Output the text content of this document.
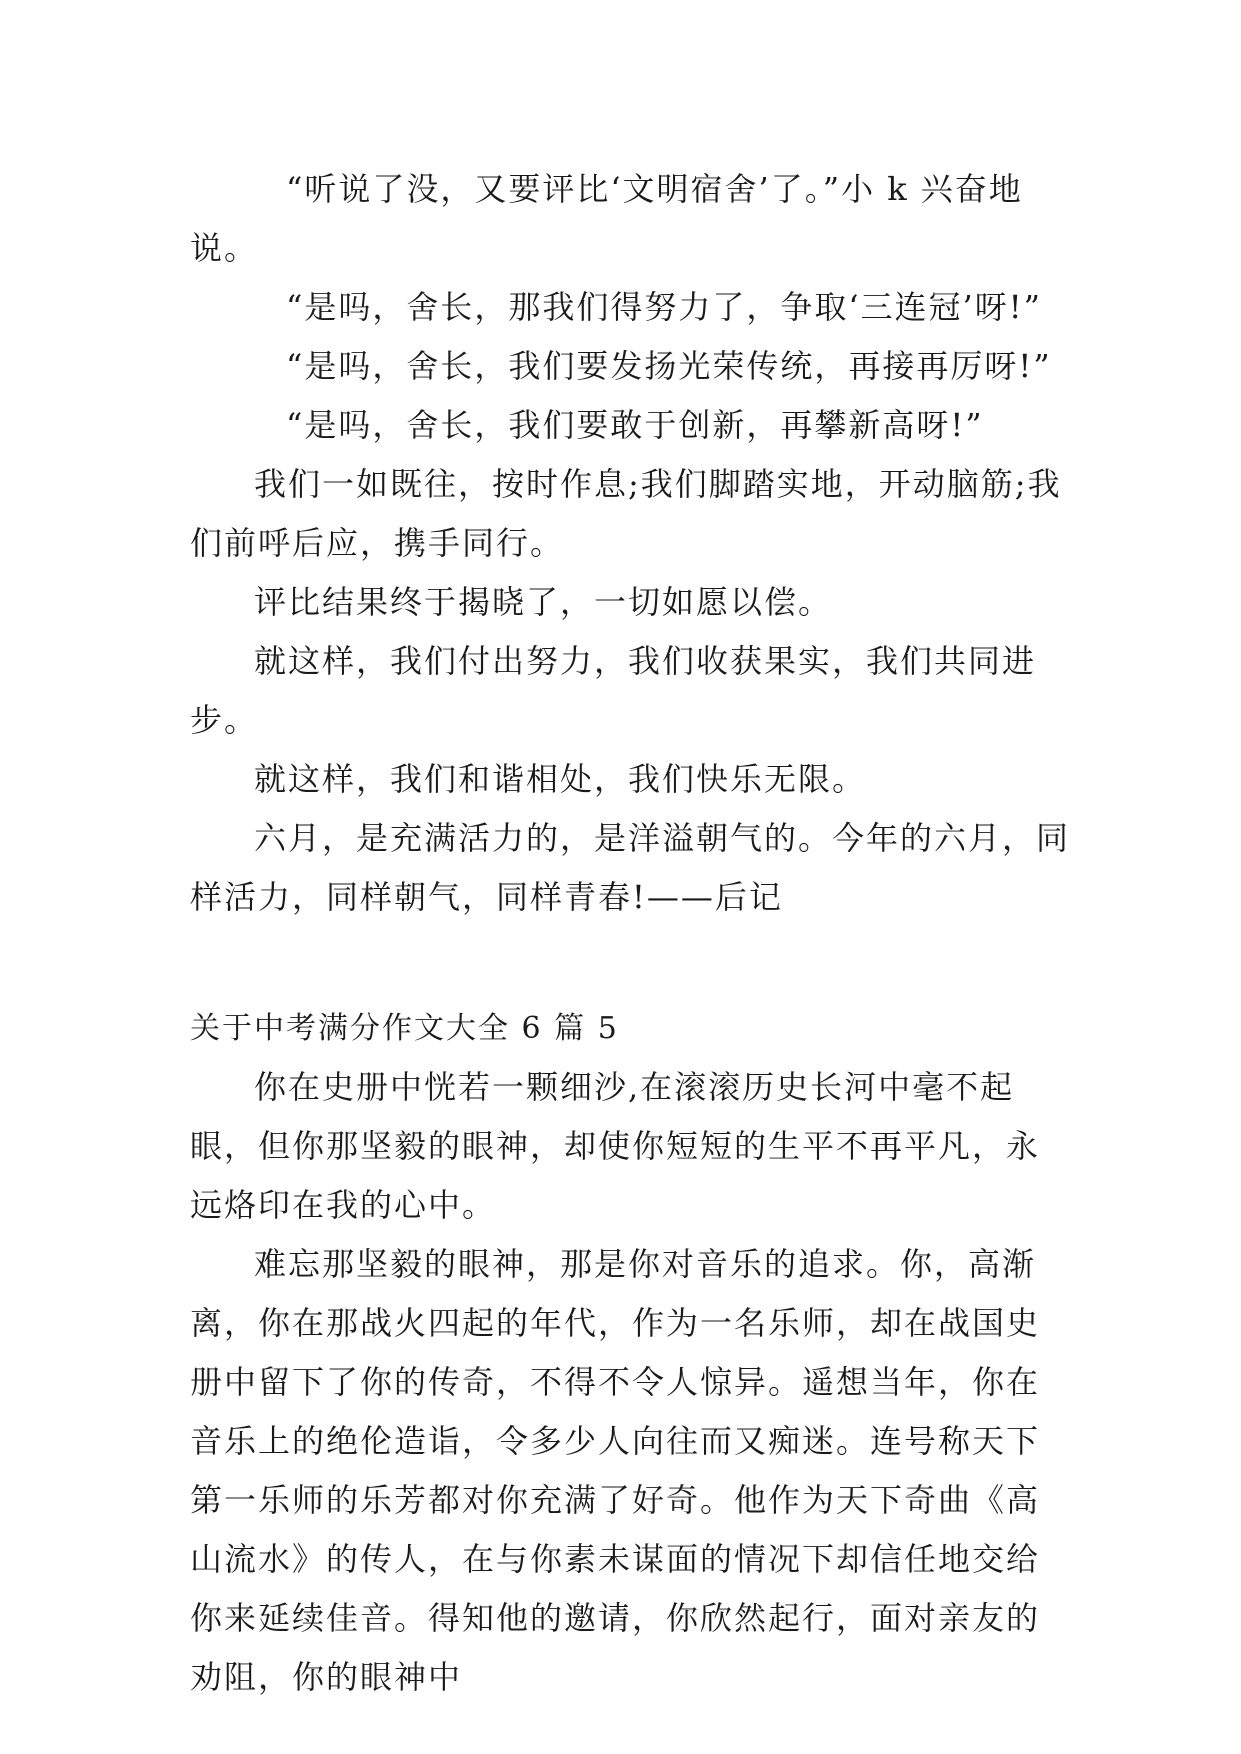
“听说了没，又要评比‘文明宿舍’了。”小 k 兴奋地说。

“是吗，舍长，那我们得努力了，争取‘三连冠’呀!”

“是吗，舍长，我们要发扬光荣传统，再接再厉呀!”

“是吗，舍长，我们要敢于创新，再攀新高呀!”

我们一如既往，按时作息;我们脚踏实地，开动脑筋;我们前呼后应，携手同行。

评比结果终于揭晓了，一切如愿以偿。

就这样，我们付出努力，我们收获果实，我们共同进步。

就这样，我们和谐相处，我们快乐无限。

六月，是充满活力的，是洋溢朝气的。今年的六月，同样活力，同样朝气，同样青春!——后记

关于中考满分作文大全 6 篇 5

你在史册中恍若一颗细沙,在滚滚历史长河中毫不起眼，但你那坚毅的眼神，却使你短短的生平不再平凡，永远烙印在我的心中。

难忘那坚毅的眼神，那是你对音乐的追求。你，高渐离，你在那战火四起的年代，作为一名乐师，却在战国史册中留下了你的传奇，不得不令人惊异。遥想当年，你在音乐上的绝伦造诣，令多少人向往而又痴迷。连号称天下第一乐师的乐芳都对你充满了好奇。他作为天下奇曲《高山流水》的传人，在与你素未谋面的情况下却信任地交给你来延续佳音。得知他的邀请，你欣然起行，面对亲友的劝阻，你的眼神中
